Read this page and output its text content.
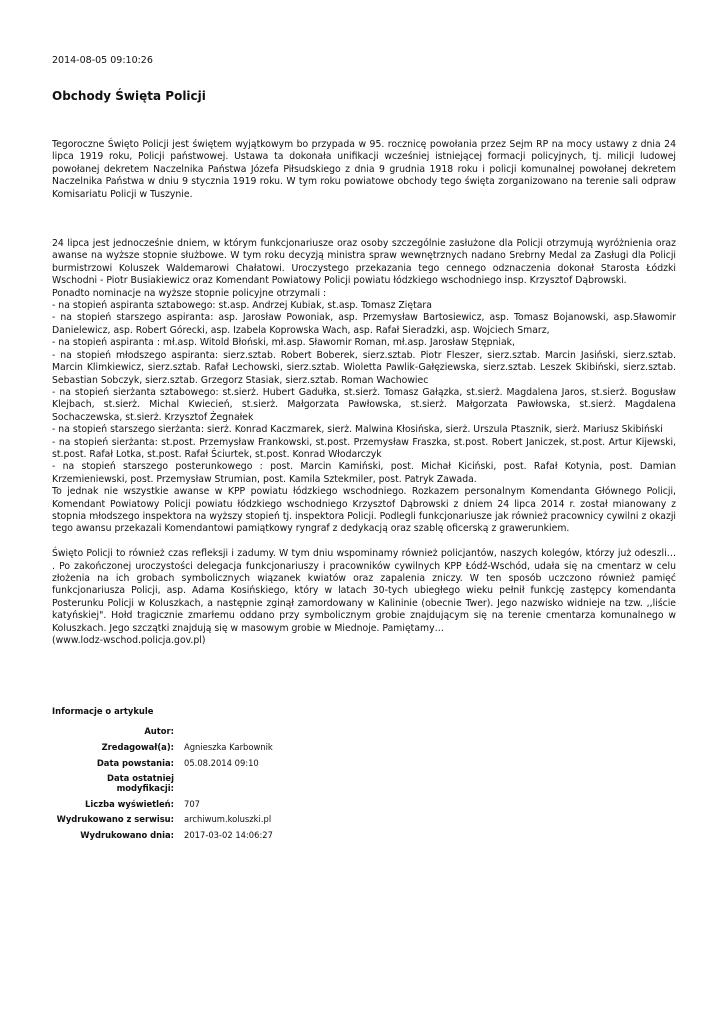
2014-08-05 09:10:26
Obchody Święta Policji

Tegoroczne Święto Policji jest świętem wyjątkowym bo przypada w 95. rocznicę powołania przez Sejm RP na mocy ustawy z dnia 24 lipca 1919 roku, Policji państwowej. Ustawa ta dokonała unifikacji wcześniej istniejącej formacji policyjnych, tj. milicji ludowej powołanej dekretem Naczelnika Państwa Józefa Piłsudskiego z dnia 9 grudnia 1918 roku i policji komunalnej powołanej dekretem Naczelnika Państwa w dniu 9 stycznia 1919 roku. W tym roku powiatowe obchody tego święta zorganizowano na terenie sali odpraw Komisariatu Policji w Tuszynie.

24 lipca jest jednocześnie dniem, w którym funkcjonariusze oraz osoby szczególnie zasłużone dla Policji otrzymują wyróżnienia oraz awanse na wyższe stopnie służbowe. W tym roku decyzją ministra spraw wewnętrznych nadano Srebrny Medal za Zasługi dla Policji burmistrzowi Koluszek Waldemarowi Chałatowi. Uroczystego przekazania tego cennego odznaczenia dokonał Starosta Łódzki Wschodni - Piotr Busiakiewicz oraz Komendant Powiatowy Policji powiatu łódzkiego wschodniego insp. Krzysztof Dąbrowski.
Ponadto nominacje na wyższe stopnie policyjne otrzymali :
- na stopień aspiranta sztabowego: st.asp. Andrzej Kubiak, st.asp. Tomasz Ziętara
- na stopień starszego aspiranta: asp. Jarosław Powoniak, asp. Przemysław Bartosiewicz, asp. Tomasz Bojanowski, asp.Sławomir Danielewicz, asp. Robert Górecki, asp. Izabela Koprowska Wach, asp. Rafał Sieradzki, asp. Wojciech Smarz,
- na stopień aspiranta : mł.asp. Witold Błoński, mł.asp. Sławomir Roman, mł.asp. Jarosław Stępniak,
- na stopień młodszego aspiranta: sierz.sztab. Robert Boberek, sierz.sztab. Piotr Fleszer, sierz.sztab. Marcin Jasiński, sierz.sztab. Marcin Klimkiewicz, sierz.sztab. Rafał Lechowski, sierz.sztab. Wioletta Pawlik-Gałęziewska, sierz.sztab. Leszek Skibiński, sierz.sztab. Sebastian Sobczyk, sierz.sztab. Grzegorz Stasiak, sierz.sztab. Roman Wachowiec
- na stopień sierżanta sztabowego: st.sierż. Hubert Gadułka, st.sierż. Tomasz Gałązka, st.sierż. Magdalena Jaros, st.sierż. Bogusław Klejbach, st.sierż. Michal Kwiecień, st.sierż. Małgorzata Pawłowska, st.sierż. Małgorzata Pawłowska, st.sierż. Magdalena Sochaczewska, st.sierż. Krzysztof Żegnałek
- na stopień starszego sierżanta: sierż. Konrad Kaczmarek, sierż. Malwina Kłosińska, sierż. Urszula Ptasznik, sierż. Mariusz Skibiński
- na stopień sierżanta: st.post. Przemysław Frankowski, st.post. Przemysław Fraszka, st.post. Robert Janiczek, st.post. Artur Kijewski, st.post. Rafał Lotka, st.post. Rafał Ściurtek, st.post. Konrad Włodarczyk
- na stopień starszego posterunkowego : post. Marcin Kamiński, post. Michał Kiciński, post. Rafał Kotynia, post. Damian Krzemieniewski, post. Przemysław Strumian, post. Kamila Sztekmiler, post. Patryk Zawada.
To jednak nie wszystkie awanse w KPP powiatu łódzkiego wschodniego. Rozkazem personalnym Komendanta Głównego Policji, Komendant Powiatowy Policji powiatu łódzkiego wschodniego Krzysztof Dąbrowski z dniem 24 lipca 2014 r. został mianowany z stopnia młodszego inspektora na wyższy stopień tj. inspektora Policji. Podlegli funkcjonariusze jak również pracownicy cywilni z okazji tego awansu przekazali Komendantowi pamiątkowy ryngraf z dedykacją oraz szablę oficerską z grawerunkiem.

Święto Policji to również czas refleksji i zadumy. W tym dniu wspominamy również policjantów, naszych kolegów, którzy już odeszli… . Po zakończonej uroczystości delegacja funkcjonariuszy i pracowników cywilnych KPP Łódź-Wschód, udała się na cmentarz w celu złożenia na ich grobach symbolicznych wiązanek kwiatów oraz zapalenia zniczy. W ten sposób uczczono również pamięć funkcjonariusza Policji, asp. Adama Kosińskiego, który w latach 30-tych ubiegłego wieku pełnił funkcję zastępcy komendanta Posterunku Policji w Koluszkach, a następnie zginął zamordowany w Kalininie (obecnie Twer). Jego nazwisko widnieje na tzw. ,,liście katyńskiej". Hołd tragicznie zmarłemu oddano przy symbolicznym grobie znajdującym się na terenie cmentarza komunalnego w Koluszkach. Jego szczątki znajdują się w masowym grobie w Miednoje. Pamiętamy…
(www.lodz-wschod.policja.gov.pl)

Informacje o artykule
Autor:	
Zredagował(a):	Agnieszka Karbownik
Data powstania:	05.08.2014 09:10
Data ostatniej modyfikacji:	
Liczba wyświetleń:	707
Wydrukowano z serwisu:	archiwum.koluszki.pl
Wydrukowano dnia:	2017-03-02 14:06:27
